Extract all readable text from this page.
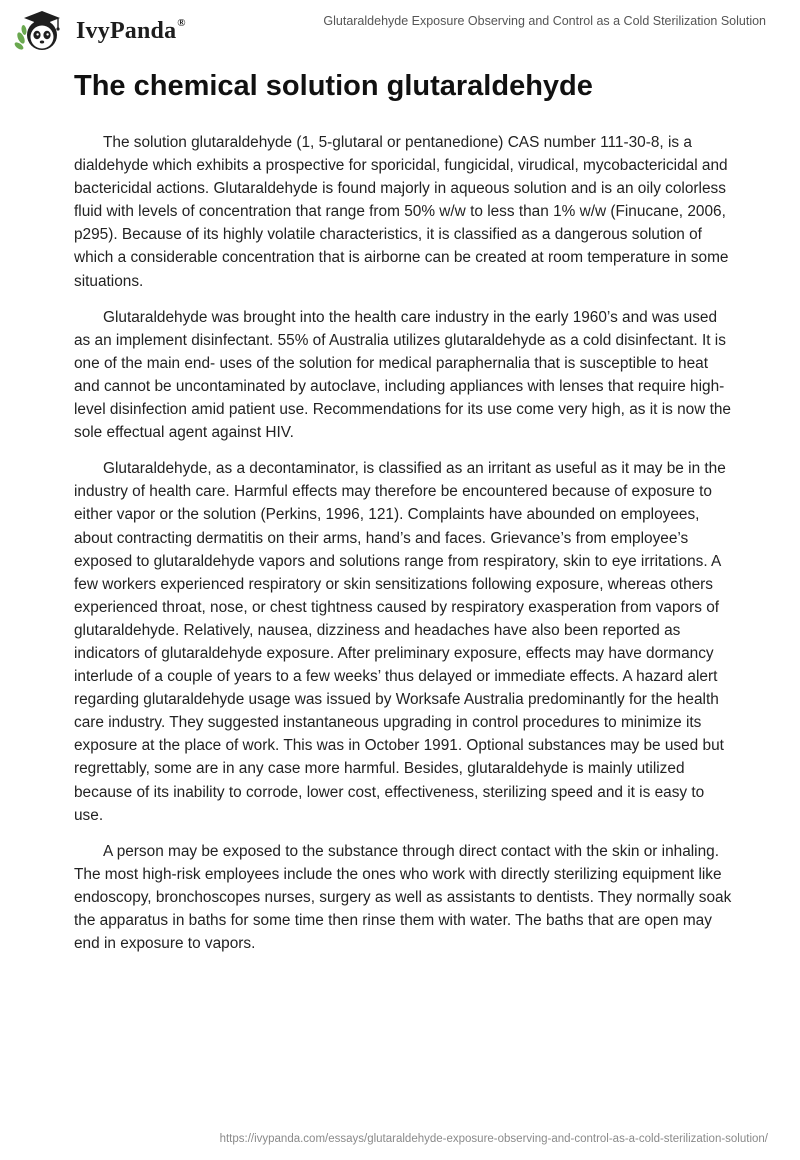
IvyPanda®	Glutaraldehyde Exposure Observing and Control as a Cold Sterilization Solution
The chemical solution glutaraldehyde

The solution glutaraldehyde (1, 5-glutaral or pentanedione) CAS number 111-30-8, is a dialdehyde which exhibits a prospective for sporicidal, fungicidal, virudical, mycobactericidal and bactericidal actions. Glutaraldehyde is found majorly in aqueous solution and is an oily colorless fluid with levels of concentration that range from 50% w/w to less than 1% w/w (Finucane, 2006, p295). Because of its highly volatile characteristics, it is classified as a dangerous solution of which a considerable concentration that is airborne can be created at room temperature in some situations.

Glutaraldehyde was brought into the health care industry in the early 1960’s and was used as an implement disinfectant. 55% of Australia utilizes glutaraldehyde as a cold disinfectant. It is one of the main end- uses of the solution for medical paraphernalia that is susceptible to heat and cannot be uncontaminated by autoclave, including appliances with lenses that require high-level disinfection amid patient use. Recommendations for its use come very high, as it is now the sole effectual agent against HIV.

Glutaraldehyde, as a decontaminator, is classified as an irritant as useful as it may be in the industry of health care. Harmful effects may therefore be encountered because of exposure to either vapor or the solution (Perkins, 1996, 121). Complaints have abounded on employees, about contracting dermatitis on their arms, hand’s and faces. Grievance’s from employee’s exposed to glutaraldehyde vapors and solutions range from respiratory, skin to eye irritations. A few workers experienced respiratory or skin sensitizations following exposure, whereas others experienced throat, nose, or chest tightness caused by respiratory exasperation from vapors of glutaraldehyde. Relatively, nausea, dizziness and headaches have also been reported as indicators of glutaraldehyde exposure. After preliminary exposure, effects may have dormancy interlude of a couple of years to a few weeks’ thus delayed or immediate effects. A hazard alert regarding glutaraldehyde usage was issued by Worksafe Australia predominantly for the health care industry. They suggested instantaneous upgrading in control procedures to minimize its exposure at the place of work. This was in October 1991. Optional substances may be used but regrettably, some are in any case more harmful. Besides, glutaraldehyde is mainly utilized because of its inability to corrode, lower cost, effectiveness, sterilizing speed and it is easy to use.

A person may be exposed to the substance through direct contact with the skin or inhaling. The most high-risk employees include the ones who work with directly sterilizing equipment like endoscopy, bronchoscopes nurses, surgery as well as assistants to dentists. They normally soak the apparatus in baths for some time then rinse them with water. The baths that are open may end in exposure to vapors.

https://ivypanda.com/essays/glutaraldehyde-exposure-observing-and-control-as-a-cold-sterilization-solution/
